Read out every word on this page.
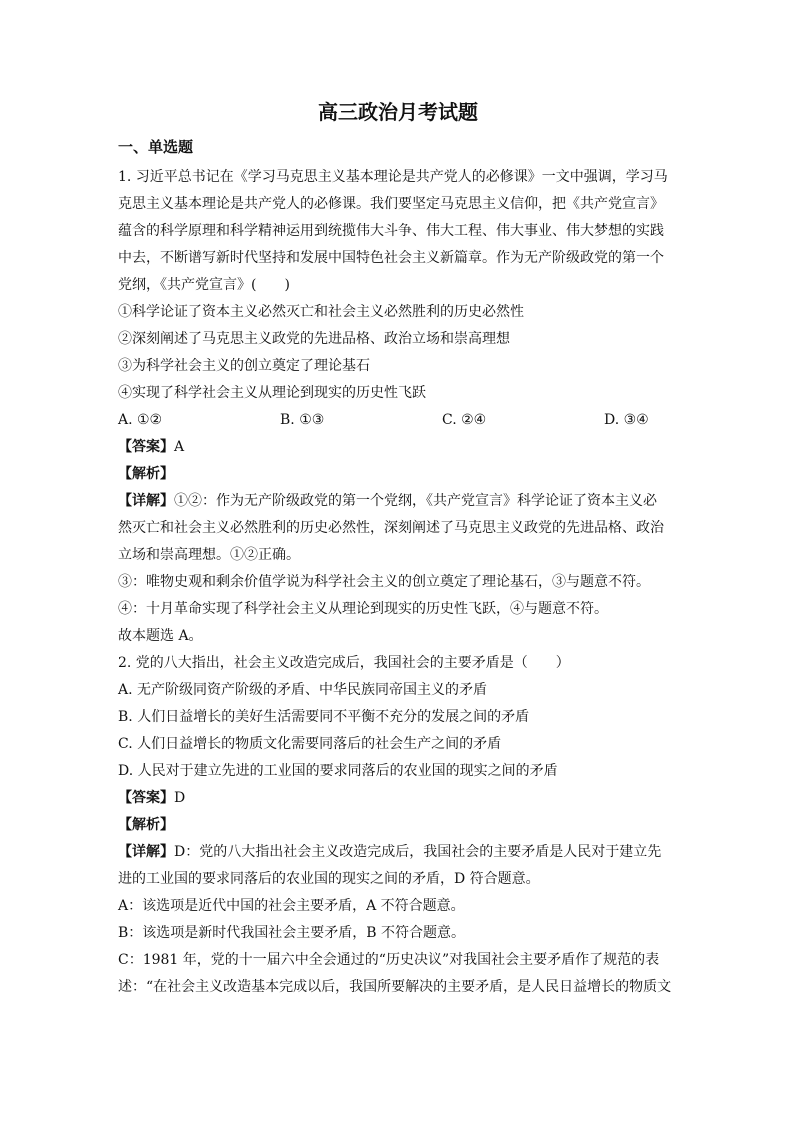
高三政治月考试题
一、单选题
1. 习近平总书记在《学习马克思主义基本理论是共产党人的必修课》一文中强调，学习马
克思主义基本理论是共产党人的必修课。我们要坚定马克思主义信仰，把《共产党宣言》
蕴含的科学原理和科学精神运用到统揽伟大斗争、伟大工程、伟大事业、伟大梦想的实践
中去，不断谱写新时代坚持和发展中国特色社会主义新篇章。作为无产阶级政党的第一个
党纲，《共产党宣言》(　　)
①科学论证了资本主义必然灭亡和社会主义必然胜利的历史必然性
②深刻阐述了马克思主义政党的先进品格、政治立场和崇高理想
③为科学社会主义的创立奠定了理论基石
④实现了科学社会主义从理论到现实的历史性飞跃
A. ①②	B. ①③	C. ②④	D. ③④
【答案】A
【解析】
【详解】①②：作为无产阶级政党的第一个党纲，《共产党宣言》科学论证了资本主义必
然灭亡和社会主义必然胜利的历史必然性，深刻阐述了马克思主义政党的先进品格、政治
立场和崇高理想。①②正确。
③：唯物史观和剩余价值学说为科学社会主义的创立奠定了理论基石，③与题意不符。
④：十月革命实现了科学社会主义从理论到现实的历史性飞跃，④与题意不符。
故本题选 A。
2. 党的八大指出，社会主义改造完成后，我国社会的主要矛盾是（　　）
A. 无产阶级同资产阶级的矛盾、中华民族同帝国主义的矛盾
B. 人们日益增长的美好生活需要同不平衡不充分的发展之间的矛盾
C. 人们日益增长的物质文化需要同落后的社会生产之间的矛盾
D. 人民对于建立先进的工业国的要求同落后的农业国的现实之间的矛盾
【答案】D
【解析】
【详解】D：党的八大指出社会主义改造完成后，我国社会的主要矛盾是人民对于建立先
进的工业国的要求同落后的农业国的现实之间的矛盾，D 符合题意。
A：该选项是近代中国的社会主要矛盾，A 不符合题意。
B：该选项是新时代我国社会主要矛盾，B 不符合题意。
C：1981 年，党的十一届六中全会通过的“历史决议”对我国社会主要矛盾作了规范的表
述：“在社会主义改造基本完成以后，我国所要解决的主要矛盾，是人民日益增长的物质文
